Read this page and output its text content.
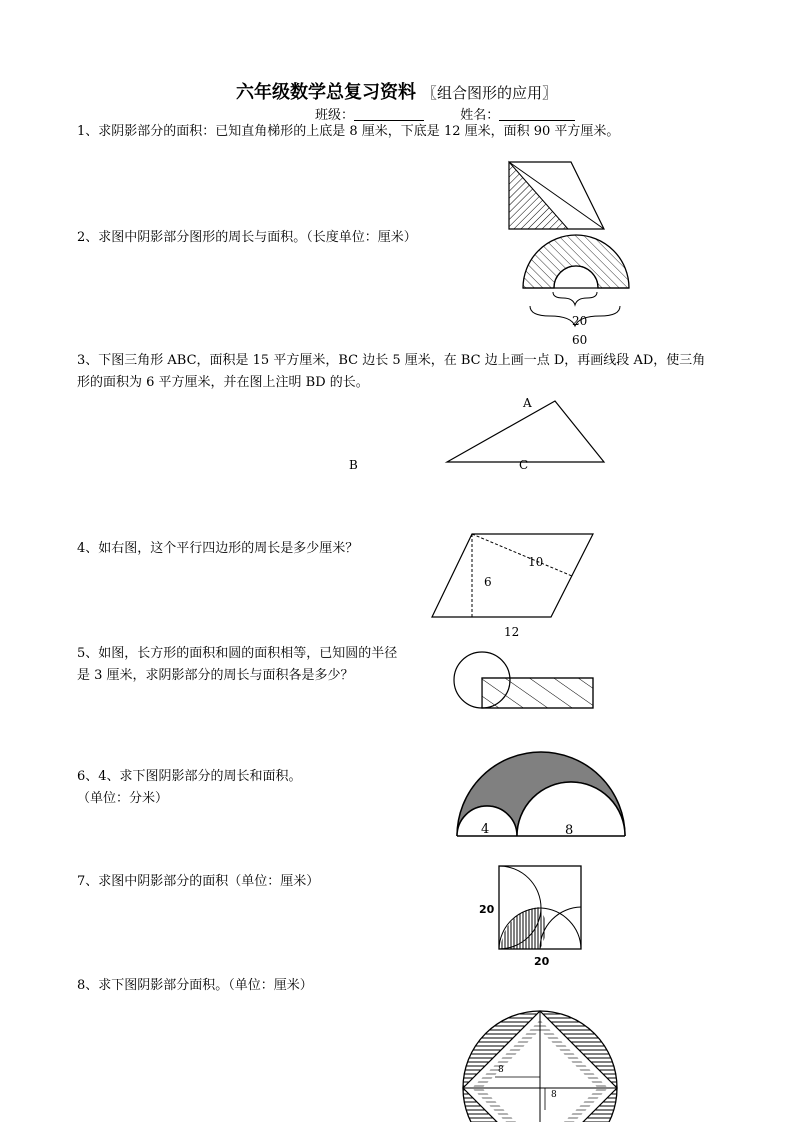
六年级数学总复习资料 〖组合图形的应用〗
班级：	姓名：
1、求阴影部分的面积：已知直角梯形的上底是 8 厘米，下底是 12 厘米，面积 90 平方厘米。
2、求图中阴影部分图形的周长与面积。（长度单位：厘米）
20
60
3、下图三角形 ABC，面积是 15 平方厘米，BC 边长 5 厘米，在 BC 边上画一点 D，再画线段 AD，使三角
形的面积为 6 平方厘米，并在图上注明 BD 的长。
A
B	C
4、如右图，这个平行四边形的周长是多少厘米？
10
6
12
5、如图，长方形的面积和圆的面积相等，已知圆的半径
是 3 厘米，求阴影部分的周长与面积各是多少？
6、4、求下图阴影部分的周长和面积。
（单位：分米）
4	8
7、求图中阴影部分的面积（单位：厘米）
20
20
8、求下图阴影部分面积。（单位：厘米）
8
8
